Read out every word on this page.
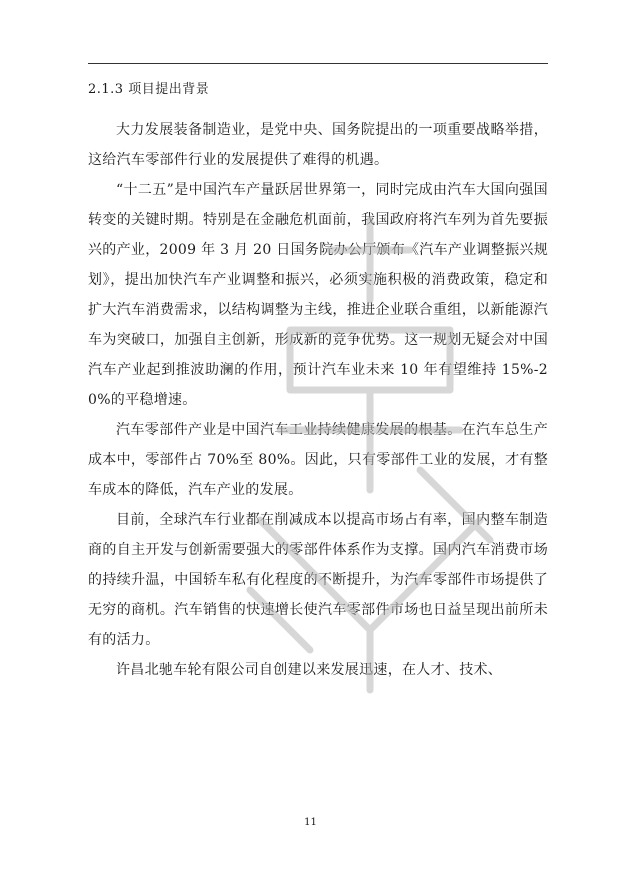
2.1.3 项目提出背景

大力发展装备制造业，是党中央、国务院提出的一项重要战略举措，这给汽车零部件行业的发展提供了难得的机遇。

“十二五”是中国汽车产量跃居世界第一，同时完成由汽车大国向强国转变的关键时期。特别是在金融危机面前，我国政府将汽车列为首先要振兴的产业，2009 年 3 月 20 日国务院办公厅颁布《汽车产业调整振兴规划》，提出加快汽车产业调整和振兴，必须实施积极的消费政策，稳定和扩大汽车消费需求，以结构调整为主线，推进企业联合重组，以新能源汽车为突破口，加强自主创新，形成新的竞争优势。这一规划无疑会对中国汽车产业起到推波助澜的作用，预计汽车业未来 10 年有望维持 15%-20%的平稳增速。

汽车零部件产业是中国汽车工业持续健康发展的根基。在汽车总生产成本中，零部件占 70%至 80%。因此，只有零部件工业的发展，才有整车成本的降低，汽车产业的发展。

目前，全球汽车行业都在削减成本以提高市场占有率，国内整车制造商的自主开发与创新需要强大的零部件体系作为支撑。国内汽车消费市场的持续升温，中国轿车私有化程度的不断提升，为汽车零部件市场提供了无穷的商机。汽车销售的快速增长使汽车零部件市场也日益呈现出前所未有的活力。

许昌北驰车轮有限公司自创建以来发展迅速，在人才、技术、

11
